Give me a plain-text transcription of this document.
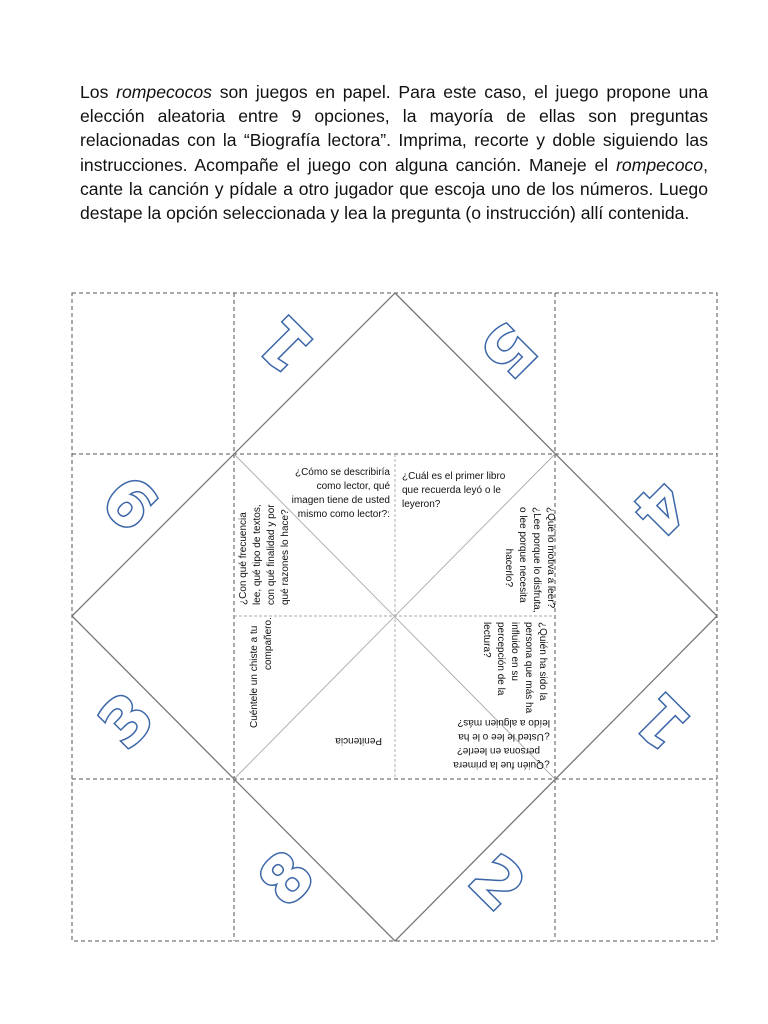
Los rompecocos son juegos en papel. Para este caso, el juego propone una elección aleatoria entre 9 opciones, la mayoría de ellas son preguntas relacionadas con la “Biografía lectora”. Imprima, recorte y doble siguiendo las instrucciones. Acompañe el juego con alguna canción. Maneje el rompecoco, cante la canción y pídale a otro jugador que escoja uno de los números. Luego destape la opción seleccionada y lea la pregunta (o instrucción) allí contenida.

1 5
6	4
3	1
8 2
¿Cómo se describiría
como lector, qué
imagen tiene de usted
mismo como lector?:
¿Cuál es el primer libro
que recuerda leyó o le
leyeron?
¿Con qué frecuencia lee, qué tipo de textos, con qué finalidad y por qué razones lo hace?	¿Qué lo motiva a leer?
¿Lee porque lo disfruta,
o lee porque necesita
hacerlo?
Cuéntele un chiste a tu compañero.	¿Quién ha sido la
persona que más ha
influido en su
percepción de la
lectura?
Penitencia
¿Quién fue la primera
persona en leerle?
¿Usted le lee o le ha
leído a alguien más?
